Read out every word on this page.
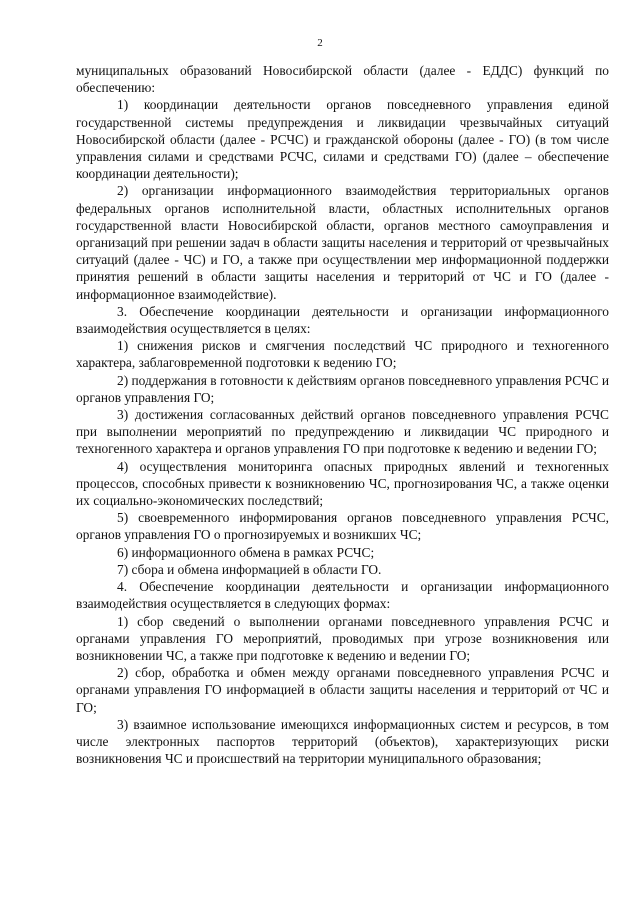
2

муниципальных образований Новосибирской области (далее - ЕДДС) функций по обеспечению:

1) координации деятельности органов повседневного управления единой государственной системы предупреждения и ликвидации чрезвычайных ситуаций Новосибирской области (далее - РСЧС) и гражданской обороны (далее - ГО) (в том числе управления силами и средствами РСЧС, силами и средствами ГО) (далее – обеспечение координации деятельности);

2) организации информационного взаимодействия территориальных органов федеральных органов исполнительной власти, областных исполнительных органов государственной власти Новосибирской области, органов местного самоуправления и организаций при решении задач в области защиты населения и территорий от чрезвычайных ситуаций (далее - ЧС) и ГО, а также при осуществлении мер информационной поддержки принятия решений в области защиты населения и территорий от ЧС и ГО (далее - информационное взаимодействие).

3. Обеспечение координации деятельности и организации информационного взаимодействия осуществляется в целях:

1) снижения рисков и смягчения последствий ЧС природного и техногенного характера, заблаговременной подготовки к ведению ГО;

2) поддержания в готовности к действиям органов повседневного управления РСЧС и органов управления ГО;

3) достижения согласованных действий органов повседневного управления РСЧС при выполнении мероприятий по предупреждению и ликвидации ЧС природного и техногенного характера и органов управления ГО при подготовке к ведению и ведении ГО;

4) осуществления мониторинга опасных природных явлений и техногенных процессов, способных привести к возникновению ЧС, прогнозирования ЧС, а также оценки их социально-экономических последствий;

5) своевременного информирования органов повседневного управления РСЧС, органов управления ГО о прогнозируемых и возникших ЧС;

6) информационного обмена в рамках РСЧС;

7) сбора и обмена информацией в области ГО.

4. Обеспечение координации деятельности и организации информационного взаимодействия осуществляется в следующих формах:

1) сбор сведений о выполнении органами повседневного управления РСЧС и органами управления ГО мероприятий, проводимых при угрозе возникновения или возникновении ЧС, а также при подготовке к ведению и ведении ГО;

2) сбор, обработка и обмен между органами повседневного управления РСЧС и органами управления ГО информацией в области защиты населения и территорий от ЧС и ГО;

3) взаимное использование имеющихся информационных систем и ресурсов, в том числе электронных паспортов территорий (объектов), характеризующих риски возникновения ЧС и происшествий на территории муниципального образования;
